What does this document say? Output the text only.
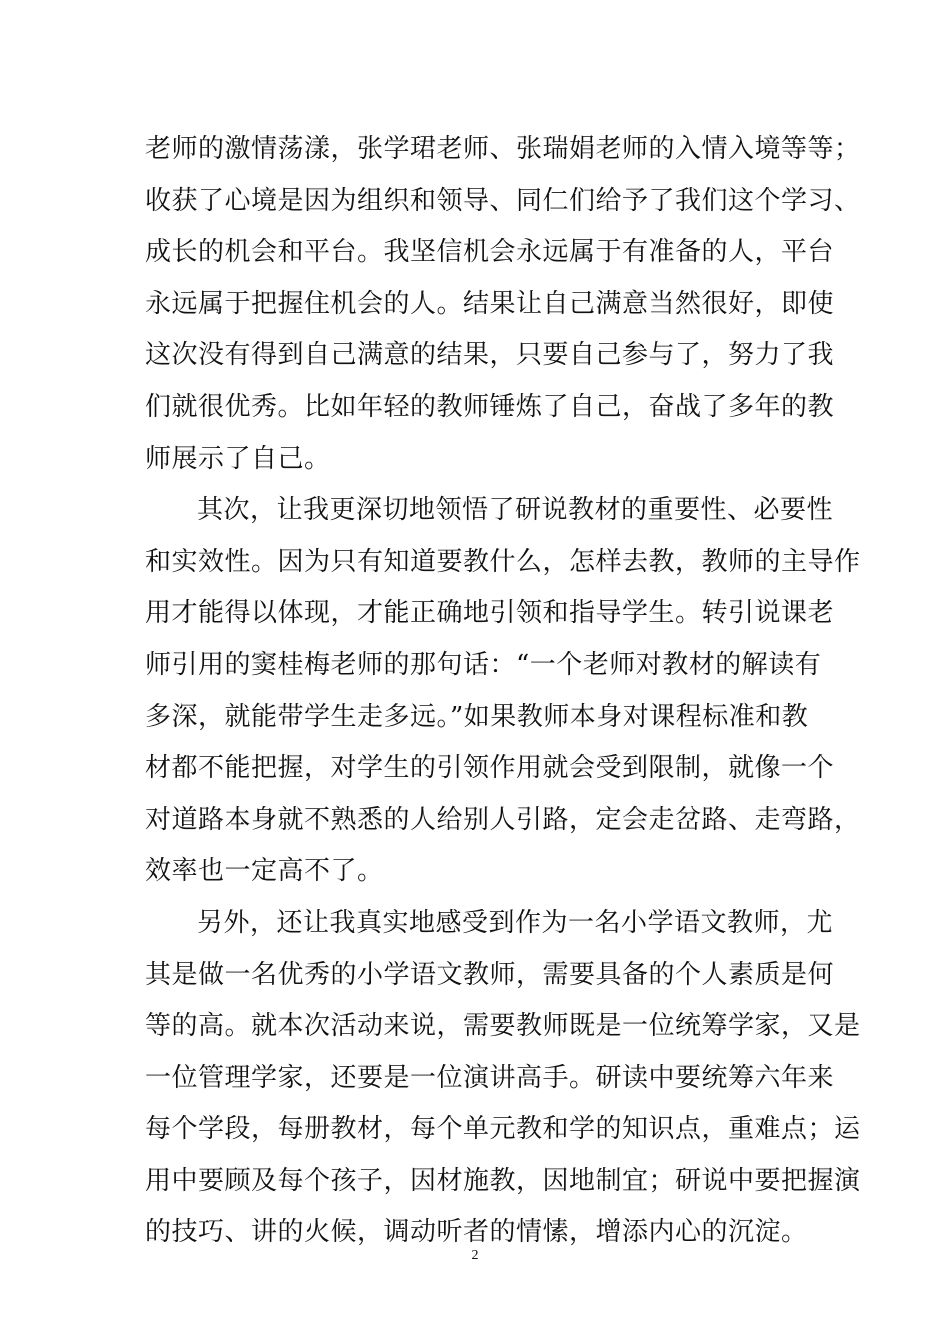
老师的激情荡漾，张学珺老师、张瑞娟老师的入情入境等等；
收获了心境是因为组织和领导、同仁们给予了我们这个学习、
成长的机会和平台。我坚信机会永远属于有准备的人，平台
永远属于把握住机会的人。结果让自己满意当然很好，即使
这次没有得到自己满意的结果，只要自己参与了，努力了我
们就很优秀。比如年轻的教师锤炼了自己，奋战了多年的教
师展示了自己。
其次，让我更深切地领悟了研说教材的重要性、必要性
和实效性。因为只有知道要教什么，怎样去教，教师的主导作
用才能得以体现，才能正确地引领和指导学生。转引说课老
师引用的窦桂梅老师的那句话：“一个老师对教材的解读有
多深，就能带学生走多远。”如果教师本身对课程标准和教
材都不能把握，对学生的引领作用就会受到限制，就像一个
对道路本身就不熟悉的人给别人引路，定会走岔路、走弯路，
效率也一定高不了。
另外，还让我真实地感受到作为一名小学语文教师，尤
其是做一名优秀的小学语文教师，需要具备的个人素质是何
等的高。就本次活动来说，需要教师既是一位统筹学家，又是
一位管理学家，还要是一位演讲高手。研读中要统筹六年来
每个学段，每册教材，每个单元教和学的知识点，重难点；运
用中要顾及每个孩子，因材施教，因地制宜；研说中要把握演
的技巧、讲的火候，调动听者的情愫，增添内心的沉淀。
2
